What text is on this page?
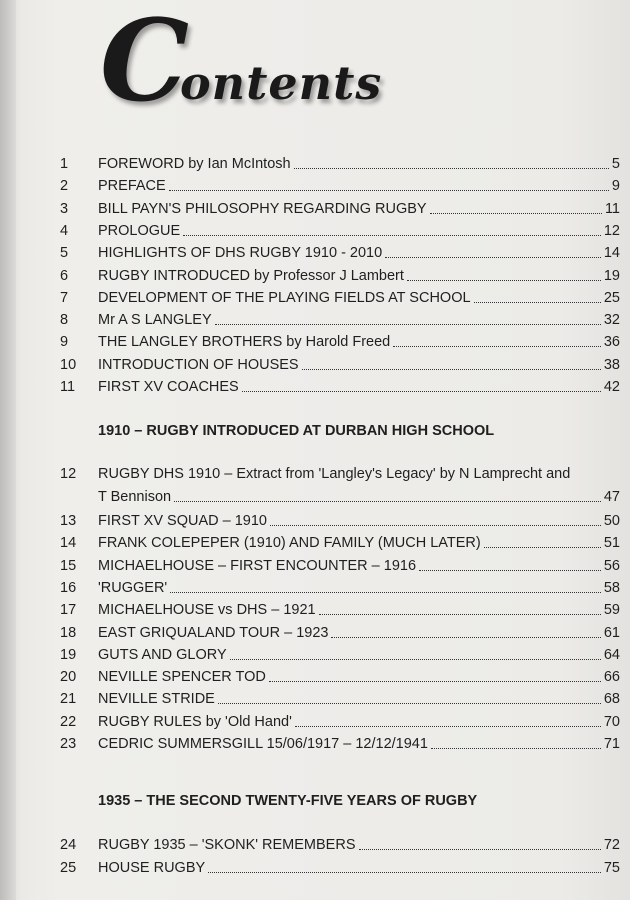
C
ontents
1	FOREWORD by Ian McIntosh	5
2	PREFACE	9
3	BILL PAYN'S PHILOSOPHY REGARDING RUGBY	11
4	PROLOGUE	12
5	HIGHLIGHTS OF DHS RUGBY 1910 - 2010	14
6	RUGBY INTRODUCED by Professor J Lambert	19
7	DEVELOPMENT OF THE PLAYING FIELDS AT SCHOOL	25
8	Mr A S LANGLEY	32
9	THE LANGLEY BROTHERS by Harold Freed	36
10	INTRODUCTION OF HOUSES	38
11	FIRST XV COACHES	42
1910 – RUGBY INTRODUCED AT DURBAN HIGH SCHOOL
12	RUGBY DHS 1910 – Extract from 'Langley's Legacy' by N Lamprecht and
T Bennison	47
13	FIRST XV SQUAD – 1910	50
14	FRANK COLEPEPER (1910) AND FAMILY (MUCH LATER)	51
15	MICHAELHOUSE – FIRST ENCOUNTER – 1916	56
16	'RUGGER'	58
17	MICHAELHOUSE vs DHS – 1921	59
18	EAST GRIQUALAND TOUR – 1923	61
19	GUTS AND GLORY	64
20	NEVILLE SPENCER TOD	66
21	NEVILLE STRIDE	68
22	RUGBY RULES by 'Old Hand'	70
23	CEDRIC SUMMERSGILL 15/06/1917 – 12/12/1941	71
1935 – THE SECOND TWENTY-FIVE YEARS OF RUGBY
24	RUGBY 1935 – 'SKONK' REMEMBERS	72
25	HOUSE RUGBY	75
